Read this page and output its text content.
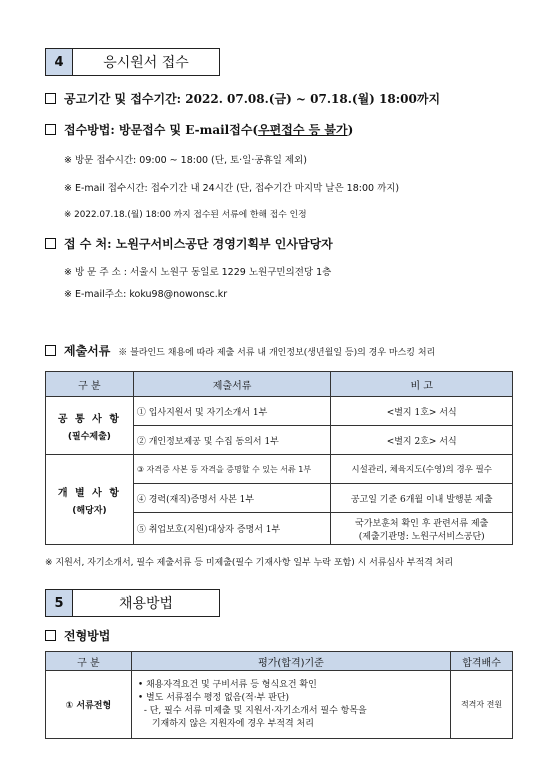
4	응시원서 접수
공고기간 및 접수기간: 2022. 07.08.(금) ~ 07.18.(월) 18:00까지
접수방법: 방문접수 및 E-mail접수(우편접수 등 불가)
※ 방문 접수시간: 09:00 ~ 18:00 (단, 토·일·공휴일 제외)
※ E-mail 접수시간: 접수기간 내 24시간 (단, 접수기간 마지막 날은 18:00 까지)
※ 2022.07.18.(월) 18:00 까지 접수된 서류에 한해 접수 인정
접 수 처: 노원구서비스공단 경영기획부 인사담당자
※ 방 문 주 소 : 서울시 노원구 동일로 1229 노원구민의전당 1층
※ E-mail주소: koku98@nowonsc.kr
제출서류 ※ 블라인드 채용에 따라 제출 서류 내 개인정보(생년월일 등)의 경우 마스킹 처리
구 분	제출서류	비 고

공 통 사 항
(필수제출)	① 입사지원서 및 자기소개서 1부	<별지 1호> 서식
	② 개인정보제공 및 수집 동의서 1부	<별지 2호> 서식

개 별 사 항
(해당자)	③ 자격증 사본 등 자격을 증명할 수 있는 서류 1부	시설관리, 체육지도(수영)의 경우 필수
	④ 경력(재직)증명서 사본 1부	공고일 기준 6개월 이내 발행분 제출
	⑤ 취업보호(지원)대상자 증명서 1부	국가보훈처 확인 후 관련서류 제출
(제출기관명: 노원구서비스공단)
※ 지원서, 자기소개서, 필수 제출서류 등 미제출(필수 기재사항 일부 누락 포함) 시 서류심사 부적격 처리
5	채용방법
전형방법
구 분	평가(합격)기준	합격배수
① 서류전형	• 채용자격요건 및 구비서류 등 형식요건 확인
• 별도 서류점수 평정 없음(적·부 판단)
- 단, 필수 서류 미제출 및 지원서·자기소개서 필수 항목을
기재하지 않은 지원자에 경우 부적격 처리	적격자 전원
